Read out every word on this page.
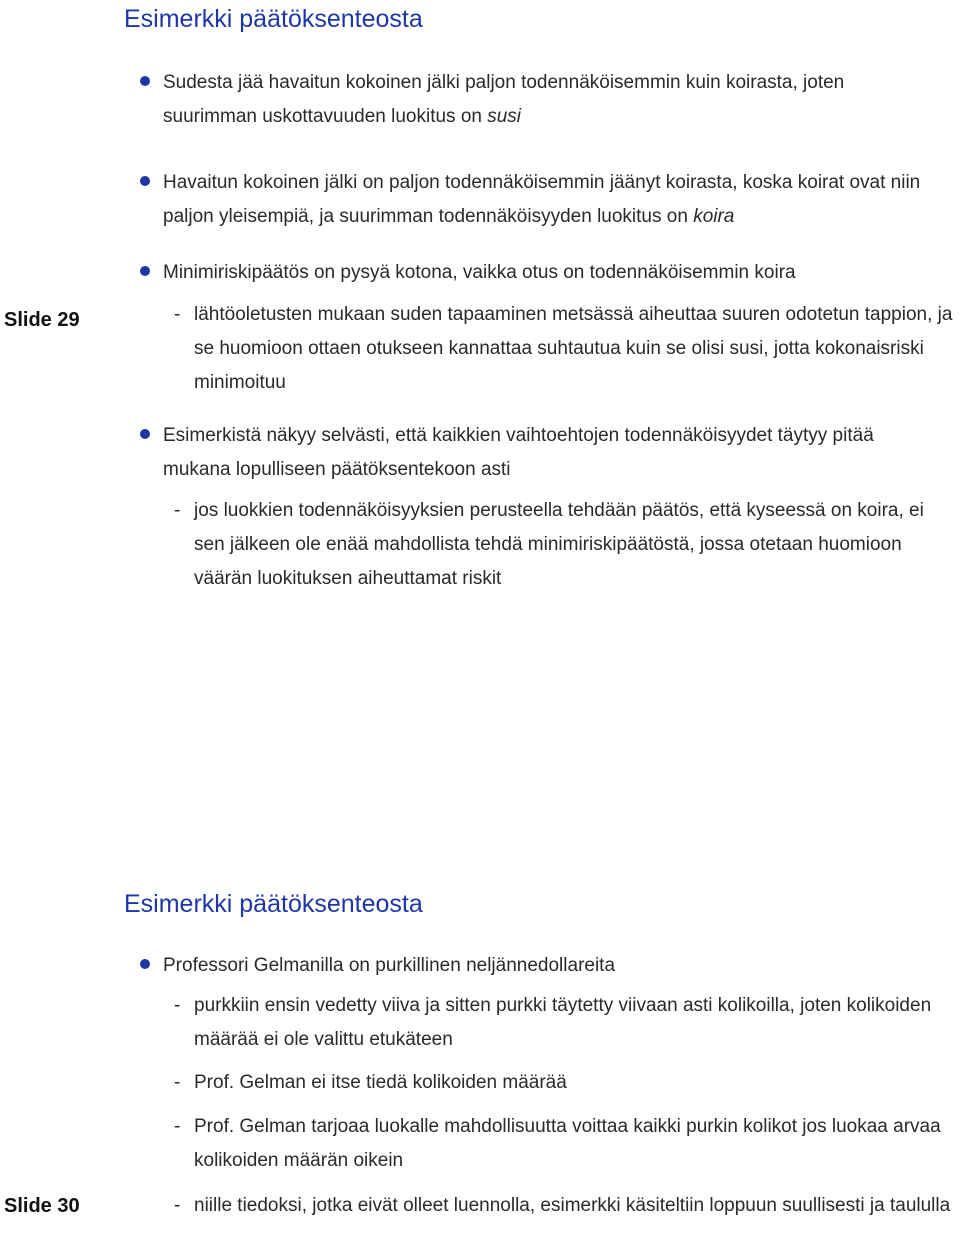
Esimerkki päätöksenteosta
Sudesta jää havaitun kokoinen jälki paljon todennäköisemmin kuin koirasta, joten suurimman uskottavuuden luokitus on susi
Havaitun kokoinen jälki on paljon todennäköisemmin jäänyt koirasta, koska koirat ovat niin paljon yleisempiä, ja suurimman todennäköisyyden luokitus on koira
Minimiriskipäätös on pysyä kotona, vaikka otus on todennäköisemmin koira
- lähtöoletusten mukaan suden tapaaminen metsässä aiheuttaa suuren odotetun tappion, ja se huomioon ottaen otukseen kannattaa suhtautua kuin se olisi susi, jotta kokonaisriski minimoituu
Esimerkistä näkyy selvästi, että kaikkien vaihtoehtojen todennäköisyydet täytyy pitää mukana lopulliseen päätöksentekoon asti
- jos luokkien todennäköisyyksien perusteella tehdään päätös, että kyseessä on koira, ei sen jälkeen ole enää mahdollista tehdä minimiriskipäätöstä, jossa otetaan huomioon väärän luokituksen aiheuttamat riskit
Slide 29
Esimerkki päätöksenteosta
Professori Gelmanilla on purkillinen neljännedollareita
- purkkiin ensin vedetty viiva ja sitten purkki täytetty viivaan asti kolikoilla, joten kolikoiden määrää ei ole valittu etukäteen
- Prof. Gelman ei itse tiedä kolikoiden määrää
- Prof. Gelman tarjoaa luokalle mahdollisuutta voittaa kaikki purkin kolikot jos luokaa arvaa kolikoiden määrän oikein
- niille tiedoksi, jotka eivät olleet luennolla, esimerkki käsiteltiin loppuun suullisesti ja taululla
Slide 30
